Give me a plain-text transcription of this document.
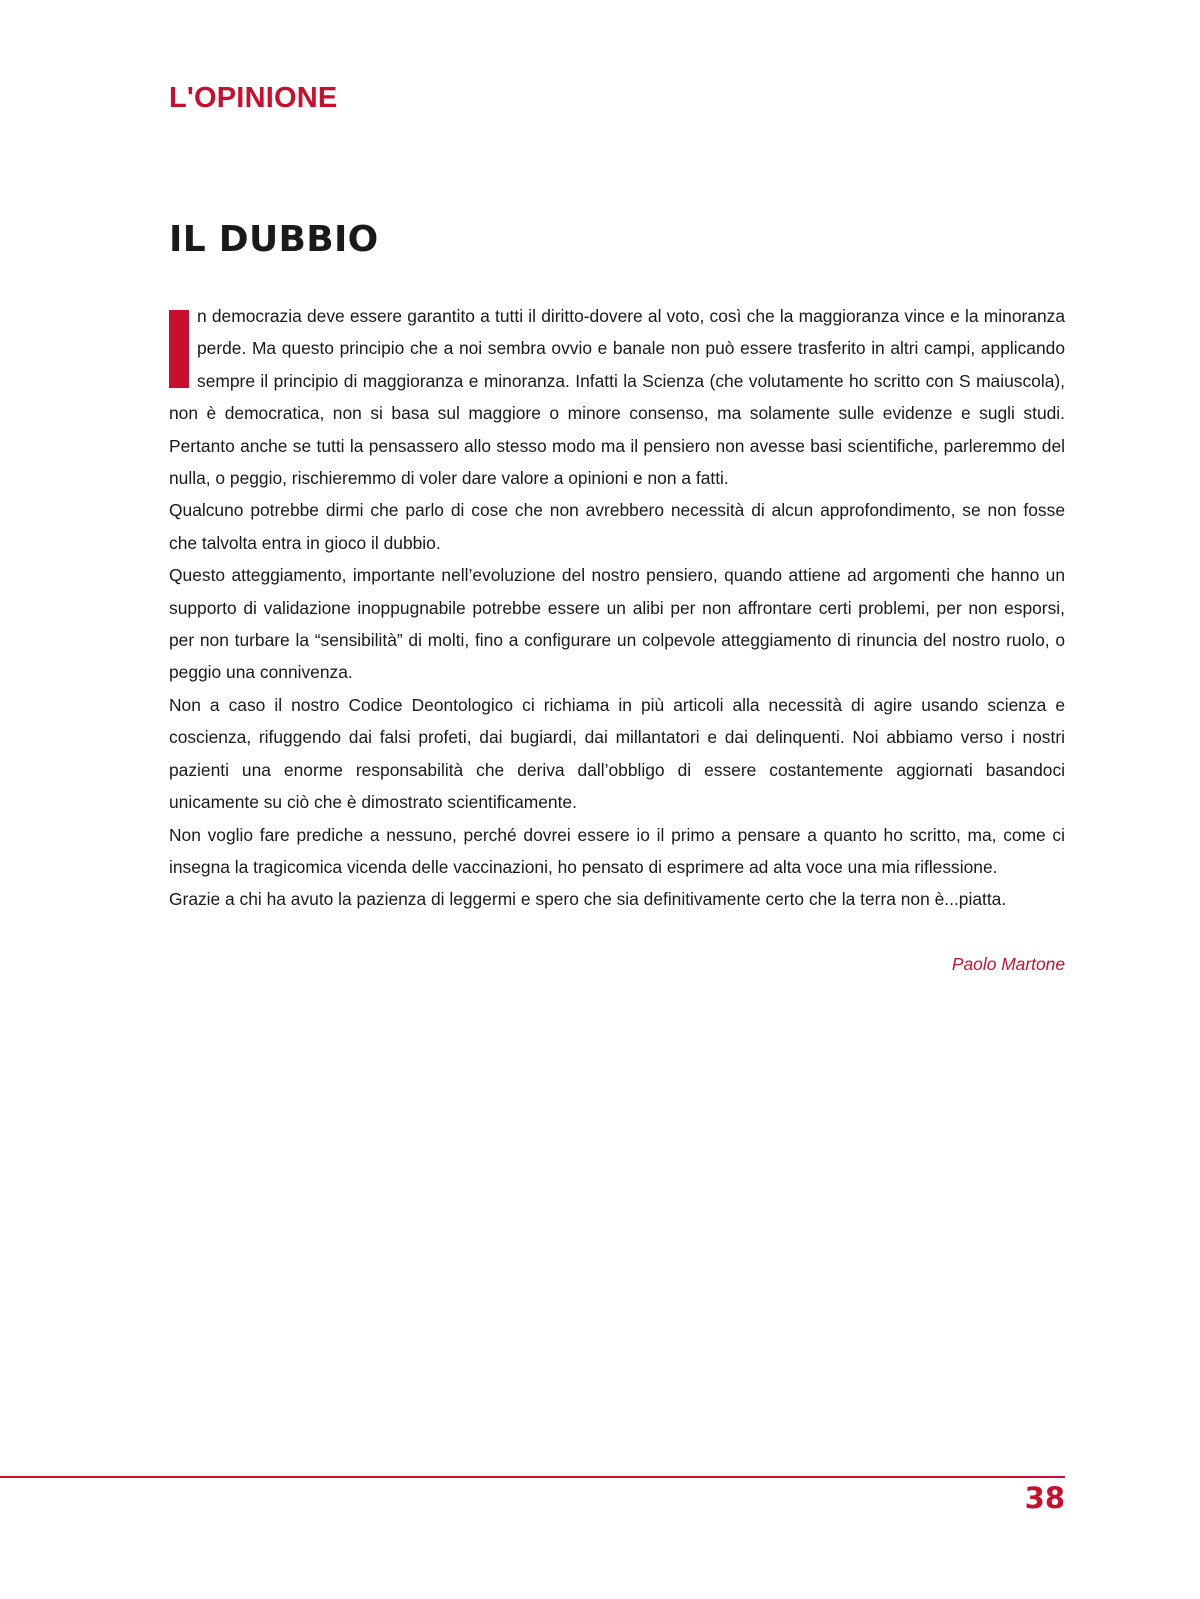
L'OPINIONE
IL DUBBIO

I
n democrazia deve essere garantito a tutti il diritto-dovere al voto, così che la maggioranza vince e la minoranza perde. Ma questo principio che a noi sembra ovvio e banale non può essere trasferito in altri campi, applicando sempre il principio di maggioranza e minoranza. Infatti la Scienza (che volutamente ho scritto con S maiuscola), non è democratica, non si basa sul maggiore o minore consenso, ma solamente sulle evidenze e sugli studi. Pertanto anche se tutti la pensassero allo stesso modo ma il pensiero non avesse basi scientifiche, parleremmo del nulla, o peggio, rischieremmo di voler dare valore a opinioni e non a fatti.

Qualcuno potrebbe dirmi che parlo di cose che non avrebbero necessità di alcun approfondimento, se non fosse che talvolta entra in gioco il dubbio.

Questo atteggiamento, importante nell’evoluzione del nostro pensiero, quando attiene ad argomenti che hanno un supporto di validazione inoppugnabile potrebbe essere un alibi per non affrontare certi problemi, per non esporsi, per non turbare la “sensibilità” di molti, fino a configurare un colpevole atteggiamento di rinuncia del nostro ruolo, o peggio una connivenza.

Non a caso il nostro Codice Deontologico ci richiama in più articoli alla necessità di agire usando scienza e coscienza, rifuggendo dai falsi profeti, dai bugiardi, dai millantatori e dai delinquenti. Noi abbiamo verso i nostri pazienti una enorme responsabilità che deriva dall’obbligo di essere costantemente aggiornati basandoci unicamente su ciò che è dimostrato scientificamente.

Non voglio fare prediche a nessuno, perché dovrei essere io il primo a pensare a quanto ho scritto, ma, come ci insegna la tragicomica vicenda delle vaccinazioni, ho pensato di esprimere ad alta voce una mia riflessione.

Grazie a chi ha avuto la pazienza di leggermi e spero che sia definitivamente certo che la terra non è...piatta.

Paolo Martone

38
